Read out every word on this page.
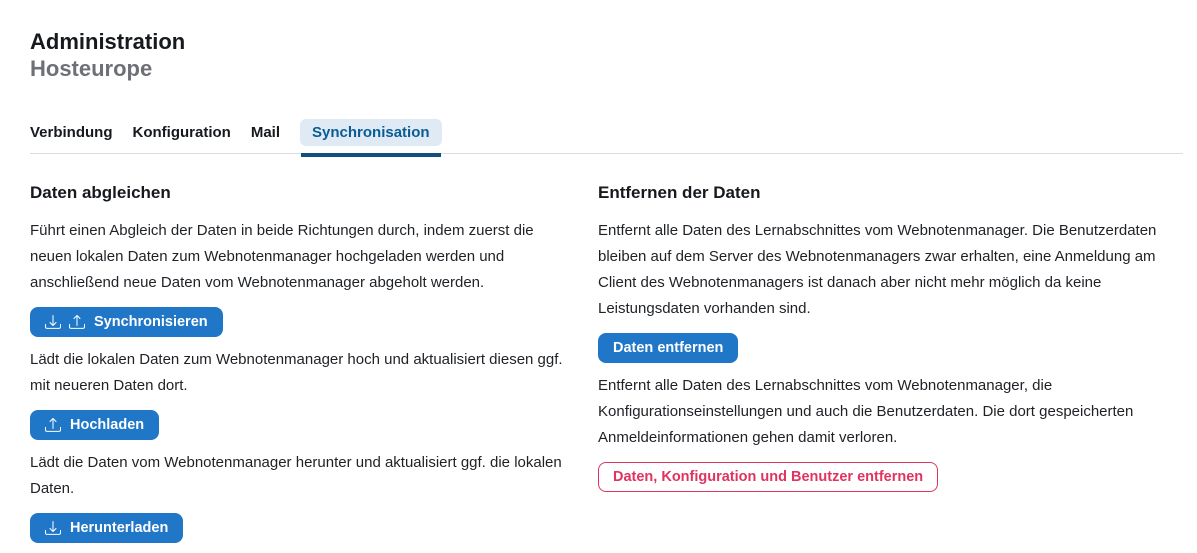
Administration
Hosteurope
Verbindung Konfiguration Mail	Synchronisation
Daten abgleichen

Führt einen Abgleich der Daten in beide Richtungen durch, indem zuerst die neuen lokalen Daten zum Webnotenmanager hochgeladen werden und anschließend neue Daten vom Webnotenmanager abgeholt werden.

Synchronisieren

Lädt die lokalen Daten zum Webnotenmanager hoch und aktualisiert diesen ggf. mit neueren Daten dort.

Hochladen

Lädt die Daten vom Webnotenmanager herunter und aktualisiert ggf. die lokalen Daten.

Herunterladen
Entfernen der Daten

Entfernt alle Daten des Lernabschnittes vom Webnotenmanager. Die Benutzerdaten bleiben auf dem Server des Webnotenmanagers zwar erhalten, eine Anmeldung am Client des Webnotenmanagers ist danach aber nicht mehr möglich da keine Leistungsdaten vorhanden sind.

Daten entfernen

Entfernt alle Daten des Lernabschnittes vom Webnotenmanager, die Konfigurationseinstellungen und auch die Benutzerdaten. Die dort gespeicherten Anmeldeinformationen gehen damit verloren.

Daten, Konfiguration und Benutzer entfernen
